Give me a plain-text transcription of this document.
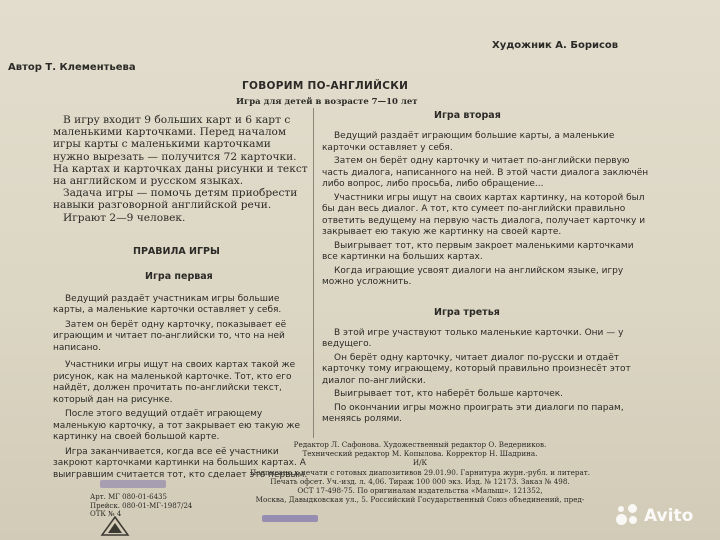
Автор Т. Клементьева
Художник А. Борисов
ГОВОРИМ ПО-АНГЛИЙСКИ
Игра для детей в возрасте 7—10 лет

В игру входит 9 больших карт и 6 карт с маленькими карточками. Перед началом игры карты с маленькими карточками нужно вырезать — получится 72 карточки. На картах и карточках даны рисунки и текст на английском и русском языках.

Задача игры — помочь детям приобрести навыки разговорной английской речи.

Играют 2—9 человек.

ПРАВИЛА ИГРЫ
Игра первая

Ведущий раздаёт участникам игры большие карты, а маленькие карточки оставляет у себя.

Затем он берёт одну карточку, показывает её играющим и читает по-английски то, что на ней написано.

Участники игры ищут на своих картах такой же рисунок, как на маленькой карточке. Тот, кто его найдёт, должен прочитать по-английски текст, который дан на рисунке.

После этого ведущий отдаёт играющему маленькую карточку, а тот закрывает ею такую же картинку на своей большой карте.

Игра заканчивается, когда все её участники закроют карточками картинки на больших картах. А выигравшим считается тот, кто сделает это первым.

Игра вторая

Ведущий раздаёт играющим большие карты, а маленькие карточки оставляет у себя.

Затем он берёт одну карточку и читает по-английски первую часть диалога, написанного на ней. В этой части диалога заключён либо вопрос, либо просьба, либо обращение...

Участники игры ищут на своих картах картинку, на которой был бы дан весь диалог. А тот, кто сумеет по-английски правильно ответить ведущему на первую часть диалога, получает карточку и закрывает ею такую же картинку на своей карте.

Выигрывает тот, кто первым закроет маленькими карточками все картинки на больших картах.

Когда играющие усвоят диалоги на английском языке, игру можно усложнить.

Игра третья

В этой игре участвуют только маленькие карточки. Они — у ведущего.

Он берёт одну карточку, читает диалог по-русски и отдаёт карточку тому играющему, который правильно произнесёт этот диалог по-английски.

Выигрывает тот, кто наберёт больше карточек.

По окончании игры можно проиграть эти диалоги по парам, меняясь ролями.

Редактор Л. Сафонова. Художественный редактор О. Ведерников.
Технический редактор М. Копылова. Корректор Н. Шадрина.
И/К
Подписано к печати с готовых диапозитивов 29.01.90. Гарнитура журн.-рубл. и литерат.
Печать офсет. Уч.-изд. л. 4,06. Тираж 100 000 экз. Изд. № 12173. Заказ № 498.
ОСТ 17-498-75. По оригиналам издательства «Малыш». 121352,
Москва, Давыдковская ул., 5. Российский Государственный Союз объединений, пред-
Арт. МГ 080-01-6435
Прейск. 080-01-МГ-1987/24
ОТК № 4	Avito
